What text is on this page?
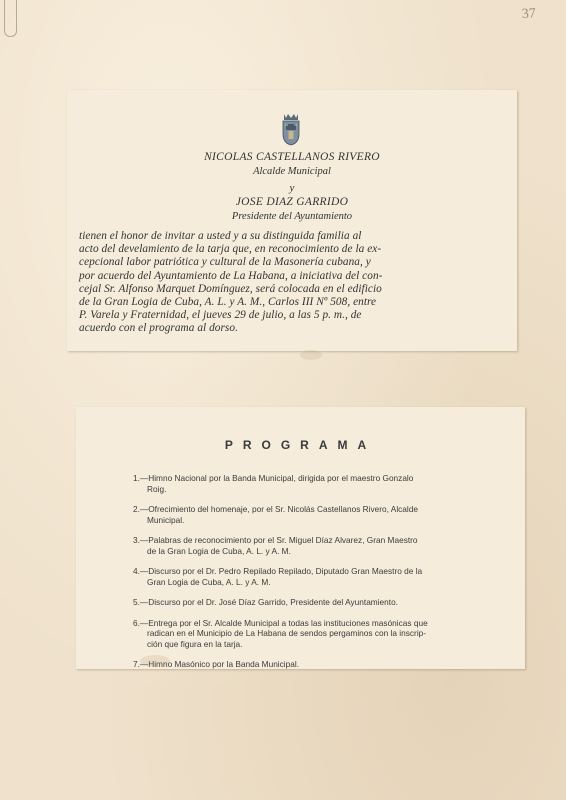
37
NICOLAS CASTELLANOS RIVERO
Alcalde Municipal
y
JOSE DIAZ GARRIDO
Presidente del Ayuntamiento
tienen el honor de invitar a usted y a su distinguida familia al
acto del develamiento de la tarja que, en reconocimiento de la ex-
cepcional labor patriótica y cultural de la Masonería cubana, y
por acuerdo del Ayuntamiento de La Habana, a iniciativa del con-
cejal Sr. Alfonso Marquet Domínguez, será colocada en el edificio
de la Gran Logia de Cuba, A. L. y A. M., Carlos III Nº 508, entre
P. Varela y Fraternidad, el jueves 29 de julio, a las 5 p. m., de
acuerdo con el programa al dorso.
PROGRAMA
1.—Himno Nacional por la Banda Municipal, dirigida por el maestro Gonzalo
Roig.
2.—Ofrecimiento del homenaje, por el Sr. Nicolás Castellanos Rivero, Alcalde
Municipal.
3.—Palabras de reconocimiento por el Sr. Miguel Díaz Alvarez, Gran Maestro
de la Gran Logia de Cuba, A. L. y A. M.
4.—Discurso por el Dr. Pedro Repilado Repilado, Diputado Gran Maestro de la
Gran Logia de Cuba, A. L. y A. M.
5.—Discurso por el Dr. José Díaz Garrido, Presidente del Ayuntamiento.
6.—Entrega por el Sr. Alcalde Municipal a todas las instituciones masónicas que
radican en el Municipio de La Habana de sendos pergaminos con la inscrip-
ción que figura en la tarja.
7.—Himno Masónico por la Banda Municipal.
